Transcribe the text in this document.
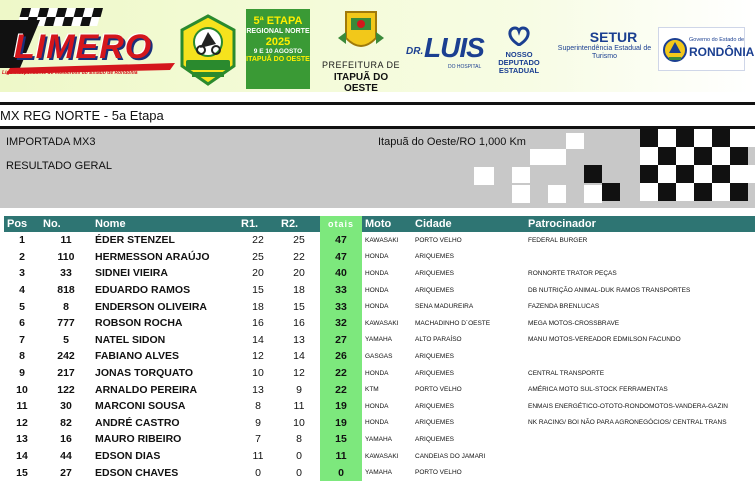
LIMERO
Liga Independente do Motocross do Estado de Rondônia
5ª ETAPA
REGIONAL NORTE
2025
9 E 10 AGOSTO
ITAPUÃ DO OESTE
PREFEITURA DE
ITAPUÃ DO OESTE
DR. LUIS
DO HOSPITAL
NOSSO
DEPUTADO
ESTADUAL
SETUR
Superintendência Estadual de
Turismo
Governo do Estado de
RONDÔNIA
MX REG NORTE - 5a Etapa
IMPORTADA MX3	Itapuã do Oeste/RO 1,000 Km
RESULTADO GERAL
Pos	No.	Nome	R1.	R2.	otais	Moto	Cidade	Patrocinador
1	11	ÉDER STENZEL	22	25	47	KAWASAKI	PORTO VELHO	FEDERAL BURGER
2	110	HERMESSON ARAÚJO	25	22	47	HONDA	ARIQUEMES	
3	33	SIDNEI VIEIRA	20	20	40	HONDA	ARIQUEMES	RONNORTE TRATOR PEÇAS
4	818	EDUARDO RAMOS	15	18	33	HONDA	ARIQUEMES	DB NUTRIÇÃO ANIMAL-DUK RAMOS TRANSPORTES
5	8	ENDERSON OLIVEIRA	18	15	33	HONDA	SENA MADUREIRA	FAZENDA BRENLUCAS
6	777	ROBSON ROCHA	16	16	32	KAWASAKI	MACHADINHO D´OESTE	MEGA MOTOS-CROSSBRAVE
7	5	NATEL SIDON	14	13	27	YAMAHA	ALTO PARAÍSO	MANU MOTOS-VEREADOR EDMILSON FACUNDO
8	242	FABIANO ALVES	12	14	26	GASGAS	ARIQUEMES	
9	217	JONAS TORQUATO	10	12	22	HONDA	ARIQUEMES	CENTRAL TRANSPORTE
10	122	ARNALDO PEREIRA	13	9	22	KTM	PORTO VELHO	AMÉRICA MOTO SUL-STOCK FERRAMENTAS
11	30	MARCONI SOUSA	8	11	19	HONDA	ARIQUEMES	ENMAIS ENERGÉTICO-OTOTO-RONDOMOTOS-VANDERA-GAZIN
12	82	ANDRÉ CASTRO	9	10	19	HONDA	ARIQUEMES	NK RACING/ BOI NÃO PARA AGRONEGÓCIOS/ CENTRAL TRANS
13	16	MAURO RIBEIRO	7	8	15	YAMAHA	ARIQUEMES	
14	44	EDSON DIAS	11	0	11	KAWASAKI	CANDEIAS DO JAMARI	
15	27	EDSON CHAVES	0	0	0	YAMAHA	PORTO VELHO	
